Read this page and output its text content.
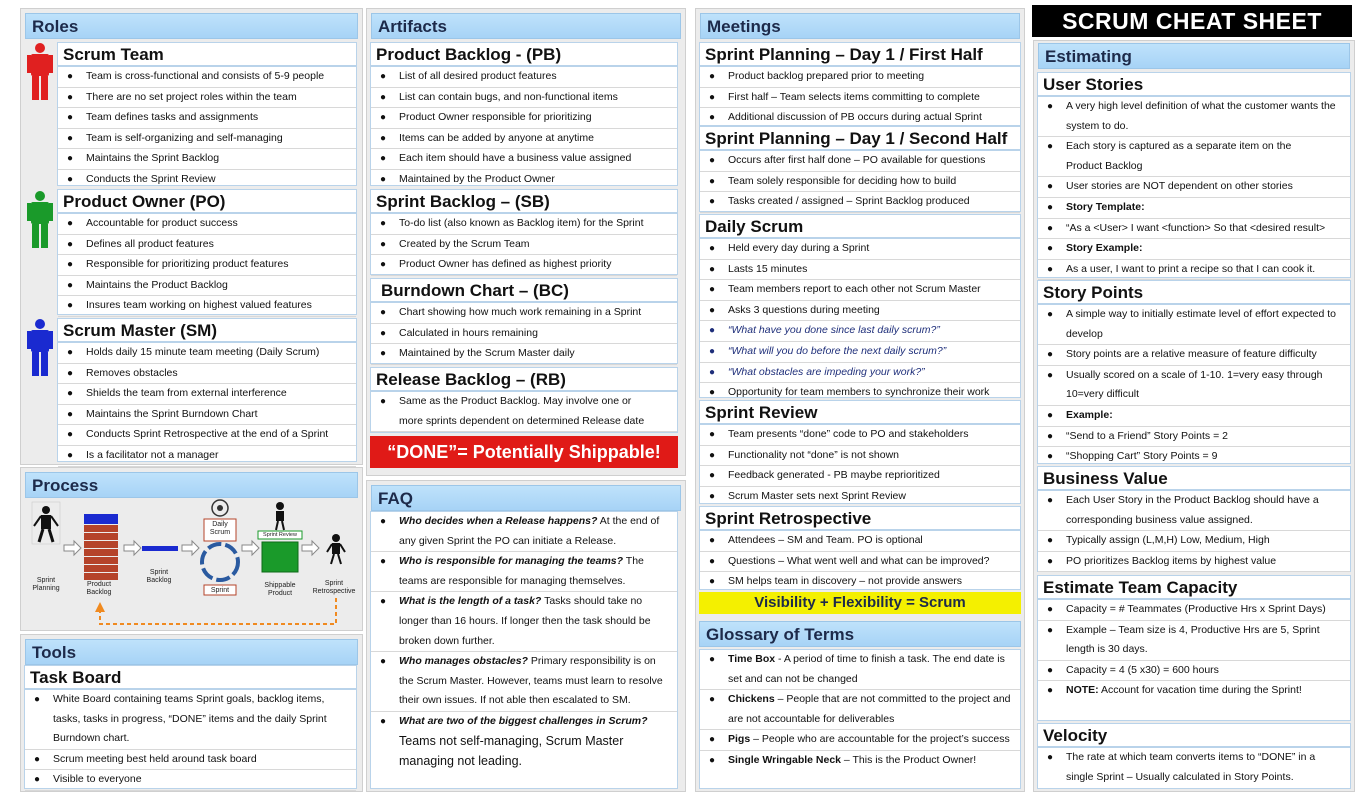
Roles
Scrum Team
● Team is cross-functional and consists of 5-9 people
● There are no set project roles within the team
● Team defines tasks and assignments
● Team is self-organizing and self-managing
● Maintains the Sprint Backlog
● Conducts the Sprint Review
Product Owner (PO)
● Accountable for product success
● Defines all product features
● Responsible for prioritizing product features
● Maintains the Product Backlog
● Insures team working on highest valued features
Scrum Master (SM)
● Holds daily 15 minute team meeting (Daily Scrum)
● Removes obstacles
● Shields the team from external interference
● Maintains the Sprint Burndown Chart
● Conducts Sprint Retrospective at the end of a Sprint
● Is a facilitator not a manager
Process
Sprint Planning
Product Backlog
Sprint Backlog
Daily Scrum
Sprint
Sprint Review
Shippable Product
Sprint Retrospective
Tools
Task Board
● White Board containing teams Sprint goals, backlog items, tasks, tasks in progress, “DONE” items and the daily Sprint Burndown chart.
● Scrum meeting best held around task board
● Visible to everyone
Artifacts
Product Backlog - (PB)
● List of all desired product features
● List can contain bugs, and non-functional items
● Product Owner responsible for prioritizing
● Items can be added by anyone at anytime
● Each item should have a business value assigned
● Maintained by the Product Owner
Sprint Backlog – (SB)
● To-do list (also known as Backlog item) for the Sprint
● Created by the Scrum Team
● Product Owner has defined as highest priority
Burndown Chart – (BC)
● Chart showing how much work remaining in a Sprint
● Calculated in hours remaining
● Maintained by the Scrum Master daily
Release Backlog – (RB)
● Same as the Product Backlog. May involve one or more sprints dependent on determined Release date
“DONE”= Potentially Shippable!
FAQ
● Who decides when a Release happens? At the end of any given Sprint the PO can initiate a Release.
● Who is responsible for managing the teams? The teams are responsible for managing themselves.
● What is the length of a task? Tasks should take no longer than 16 hours. If longer then the task should be broken down further.
● Who manages obstacles? Primary responsibility is on the Scrum Master. However, teams must learn to resolve their own issues. If not able then escalated to SM.
● What are two of the biggest challenges in Scrum?
Teams not self-managing, Scrum Master managing not leading.
Meetings
Sprint Planning – Day 1 / First Half
● Product backlog prepared prior to meeting
● First half – Team selects items committing to complete
● Additional discussion of PB occurs during actual Sprint
Sprint Planning – Day 1 / Second Half
● Occurs after first half done – PO available for questions
● Team solely responsible for deciding how to build
● Tasks created / assigned – Sprint Backlog produced
Daily Scrum
● Held every day during a Sprint
● Lasts 15 minutes
● Team members report to each other not Scrum Master
● Asks 3 questions during meeting
● “What have you done since last daily scrum?”
● “What will you do before the next daily scrum?”
● “What obstacles are impeding your work?”
● Opportunity for team members to synchronize their work
Sprint Review
● Team presents “done” code to PO and stakeholders
● Functionality not “done” is not shown
● Feedback generated - PB maybe reprioritized
● Scrum Master sets next Sprint Review
Sprint Retrospective
● Attendees – SM and Team. PO is optional
● Questions – What went well and what can be improved?
● SM helps team in discovery – not provide answers
Visibility + Flexibility = Scrum
Glossary of Terms
● Time Box - A period of time to finish a task. The end date is set and can not be changed
● Chickens – People that are not committed to the project and are not accountable for deliverables
● Pigs – People who are accountable for the project’s success
● Single Wringable Neck – This is the Product Owner!
SCRUM CHEAT SHEET
Estimating
User Stories
● A very high level definition of what the customer wants the system to do.
● Each story is captured as a separate item on the Product Backlog
● User stories are NOT dependent on other stories
● Story Template:
● “As a <User> I want <function> So that <desired result>
● Story Example:
● As a user, I want to print a recipe so that I can cook it.
Story Points
● A simple way to initially estimate level of effort expected to develop
● Story points are a relative measure of feature difficulty
● Usually scored on a scale of 1-10. 1=very easy through 10=very difficult
● Example:
● “Send to a Friend” Story Points = 2
● “Shopping Cart” Story Points = 9
Business Value
● Each User Story in the Product Backlog should have a corresponding business value assigned.
● Typically assign (L,M,H) Low, Medium, High
● PO prioritizes Backlog items by highest value
Estimate Team Capacity
● Capacity = # Teammates (Productive Hrs x Sprint Days)
● Example – Team size is 4, Productive Hrs are 5, Sprint length is 30 days.
● Capacity = 4 (5 x30) = 600 hours
● NOTE: Account for vacation time during the Sprint!
Velocity
● The rate at which team converts items to “DONE” in a single Sprint – Usually calculated in Story Points.
